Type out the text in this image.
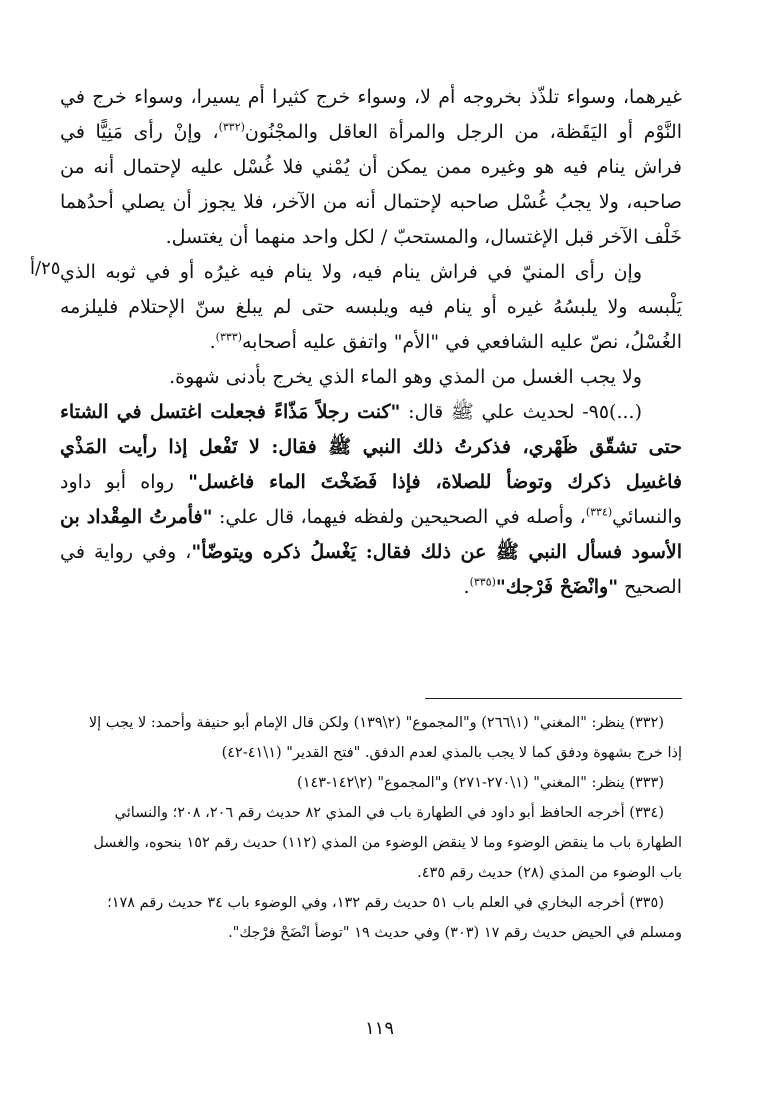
٢٥/أ

غيرهما، وسواء تلذّذ بخروجه أم لا، وسواء خرج كثيرا أم يسيرا، وسواء خرج في النَّوْم أو اليَقَظة، من الرجل والمرأة العاقل والمجْنُون$^{(٣٣٢)}$، وإنْ رأى مَنِيًّا في فراش ينام فيه هو وغيره ممن يمكن أن يُمْني فلا غُسْل عليه لإحتمال أنه من صاحبه، ولا يجبُ غُسْل صاحبه لإحتمال أنه من الآخر، فلا يجوز أن يصلي أحدُهما خَلْف الآخر قبل الإغتسال، والمستحبّ / لكل واحد منهما أن يغتسل.

وإن رأى المنيّ في فراش ينام فيه، ولا ينام فيه غيرُه أو في ثوبه الذي يَلْبسه ولا يلبسُهُ غيره أو ينام فيه ويلبسه حتى لم يبلغ سنّ الإحتلام فليلزمه الغُسْلُ، نصّ عليه الشافعي في "الأم" واتفق عليه أصحابه$^{(٣٣٣)}$.

ولا يجب الغسل من المذي وهو الماء الذي يخرج بأدنى شهوة.

(...)٩٥- لحديث علي ﷺ قال: "كنت رجلاً مَذّاءً فجعلت اغتسل في الشتاء حتى تشقّق ظَهْري، فذكرتُ ذلك النبي ﷺ فقال: لا تَفْعل إذا رأيت المَذْي فاغسِل ذكرك وتوضأ للصلاة، فإذا فَضَخْتَ الماء فاغسل" رواه أبو داود والنسائي$^{(٣٣٤)}$، وأصله في الصحيحين ولفظه فيهما، قال علي: "فأمرتُ المِقْداد بن الأسود فسأل النبي ﷺ عن ذلك فقال: يَغْسلُ ذكره ويتوضّأ"، وفي رواية في الصحيح "وانْضَحْ فَرْجك"$^{(٣٣٥)}$.

(٣٣٢) ينظر: "المغني" (١\٢٦٦) و"المجموع" (٢\١٣٩) ولكن قال الإمام أبو حنيفة وأحمد: لا يجب إلا

إذا خرج بشهوة ودفق كما لا يجب بالمذي لعدم الدفق. "فتح القدير" (١\٤١-٤٢)

(٣٣٣) ينظر: "المغني" (١\٢٧٠-٢٧١) و"المجموع" (٢\١٤٢-١٤٣)

(٣٣٤) أخرجه الحافظ أبو داود في الطهارة باب في المذي ٨٢ حديث رقم ٢٠٦، ٢٠٨؛ والنسائي

الطهارة باب ما ينقض الوضوء وما لا ينقض الوضوء من المذي (١١٢) حديث رقم ١٥٢ بنحوه، والغسل

باب الوضوء من المذي (٢٨) حديث رقم ٤٣٥.

(٣٣٥) أخرجه البخاري في العلم باب ٥١ حديث رقم ١٣٢، وفي الوضوء باب ٣٤ حديث رقم ١٧٨؛

ومسلم في الحيض حديث رقم ١٧ (٣٠٣) وفي حديث ١٩ "توضأ انْضَحْ فرْجك".

١١٩
